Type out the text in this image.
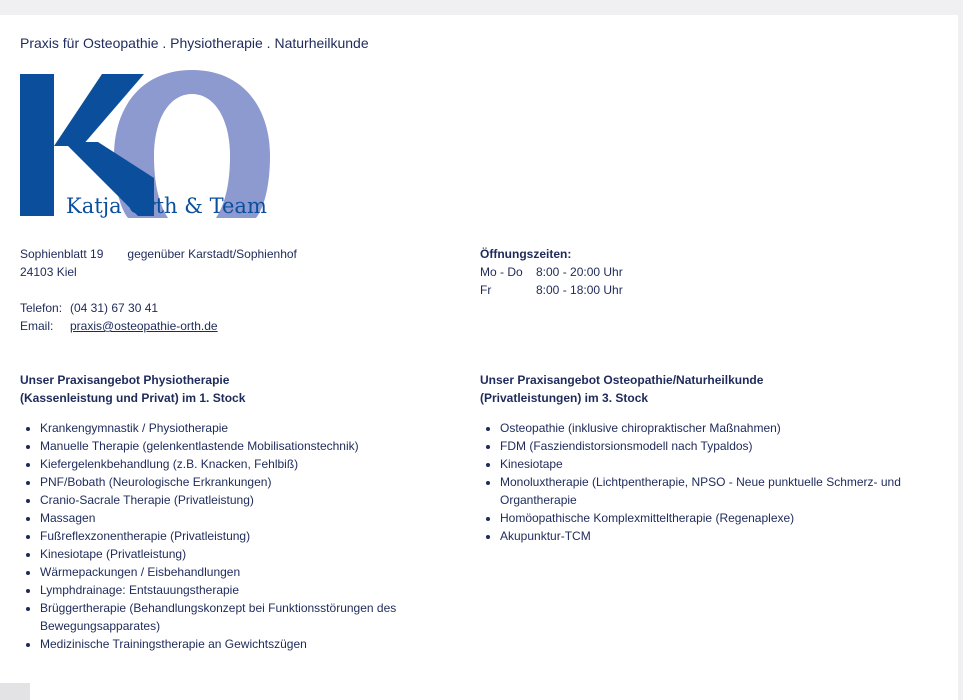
Praxis für Osteopathie . Physiotherapie . Naturheilkunde
Katja Orth & Team
Sophienblatt 19 gegenüber Karstadt/Sophienhof
24103 Kiel
Telefon: (04 31) 67 30 41
Email: praxis@osteopathie-orth.de
Öffnungszeiten:
Mo - Do 8:00 - 20:00 Uhr
Fr	8:00 - 18:00 Uhr
Unser Praxisangebot Physiotherapie
(Kassenleistung und Privat) im 1. Stock
• Krankengymnastik / Physiotherapie
• Manuelle Therapie (gelenkentlastende Mobilisationstechnik)
• Kiefergelenkbehandlung (z.B. Knacken, Fehlbiß)
• PNF/Bobath (Neurologische Erkrankungen)
• Cranio-Sacrale Therapie (Privatleistung)
• Massagen
• Fußreflexzonentherapie (Privatleistung)
• Kinesiotape (Privatleistung)
• Wärmepackungen / Eisbehandlungen
• Lymphdrainage: Entstauungstherapie
• Brüggertherapie (Behandlungskonzept bei Funktionsstörungen des Bewegungsapparates)
• Medizinische Trainingstherapie an Gewichtszügen
Unser Praxisangebot Osteopathie/Naturheilkunde
(Privatleistungen) im 3. Stock
• Osteopathie (inklusive chiropraktischer Maßnahmen)
• FDM (Fasziendistorsionsmodell nach Typaldos)
• Kinesiotape
• Monoluxtherapie (Lichtpentherapie, NPSO - Neue punktuelle Schmerz- und Organtherapie
• Homöopathische Komplexmitteltherapie (Regenaplexe)
• Akupunktur-TCM
